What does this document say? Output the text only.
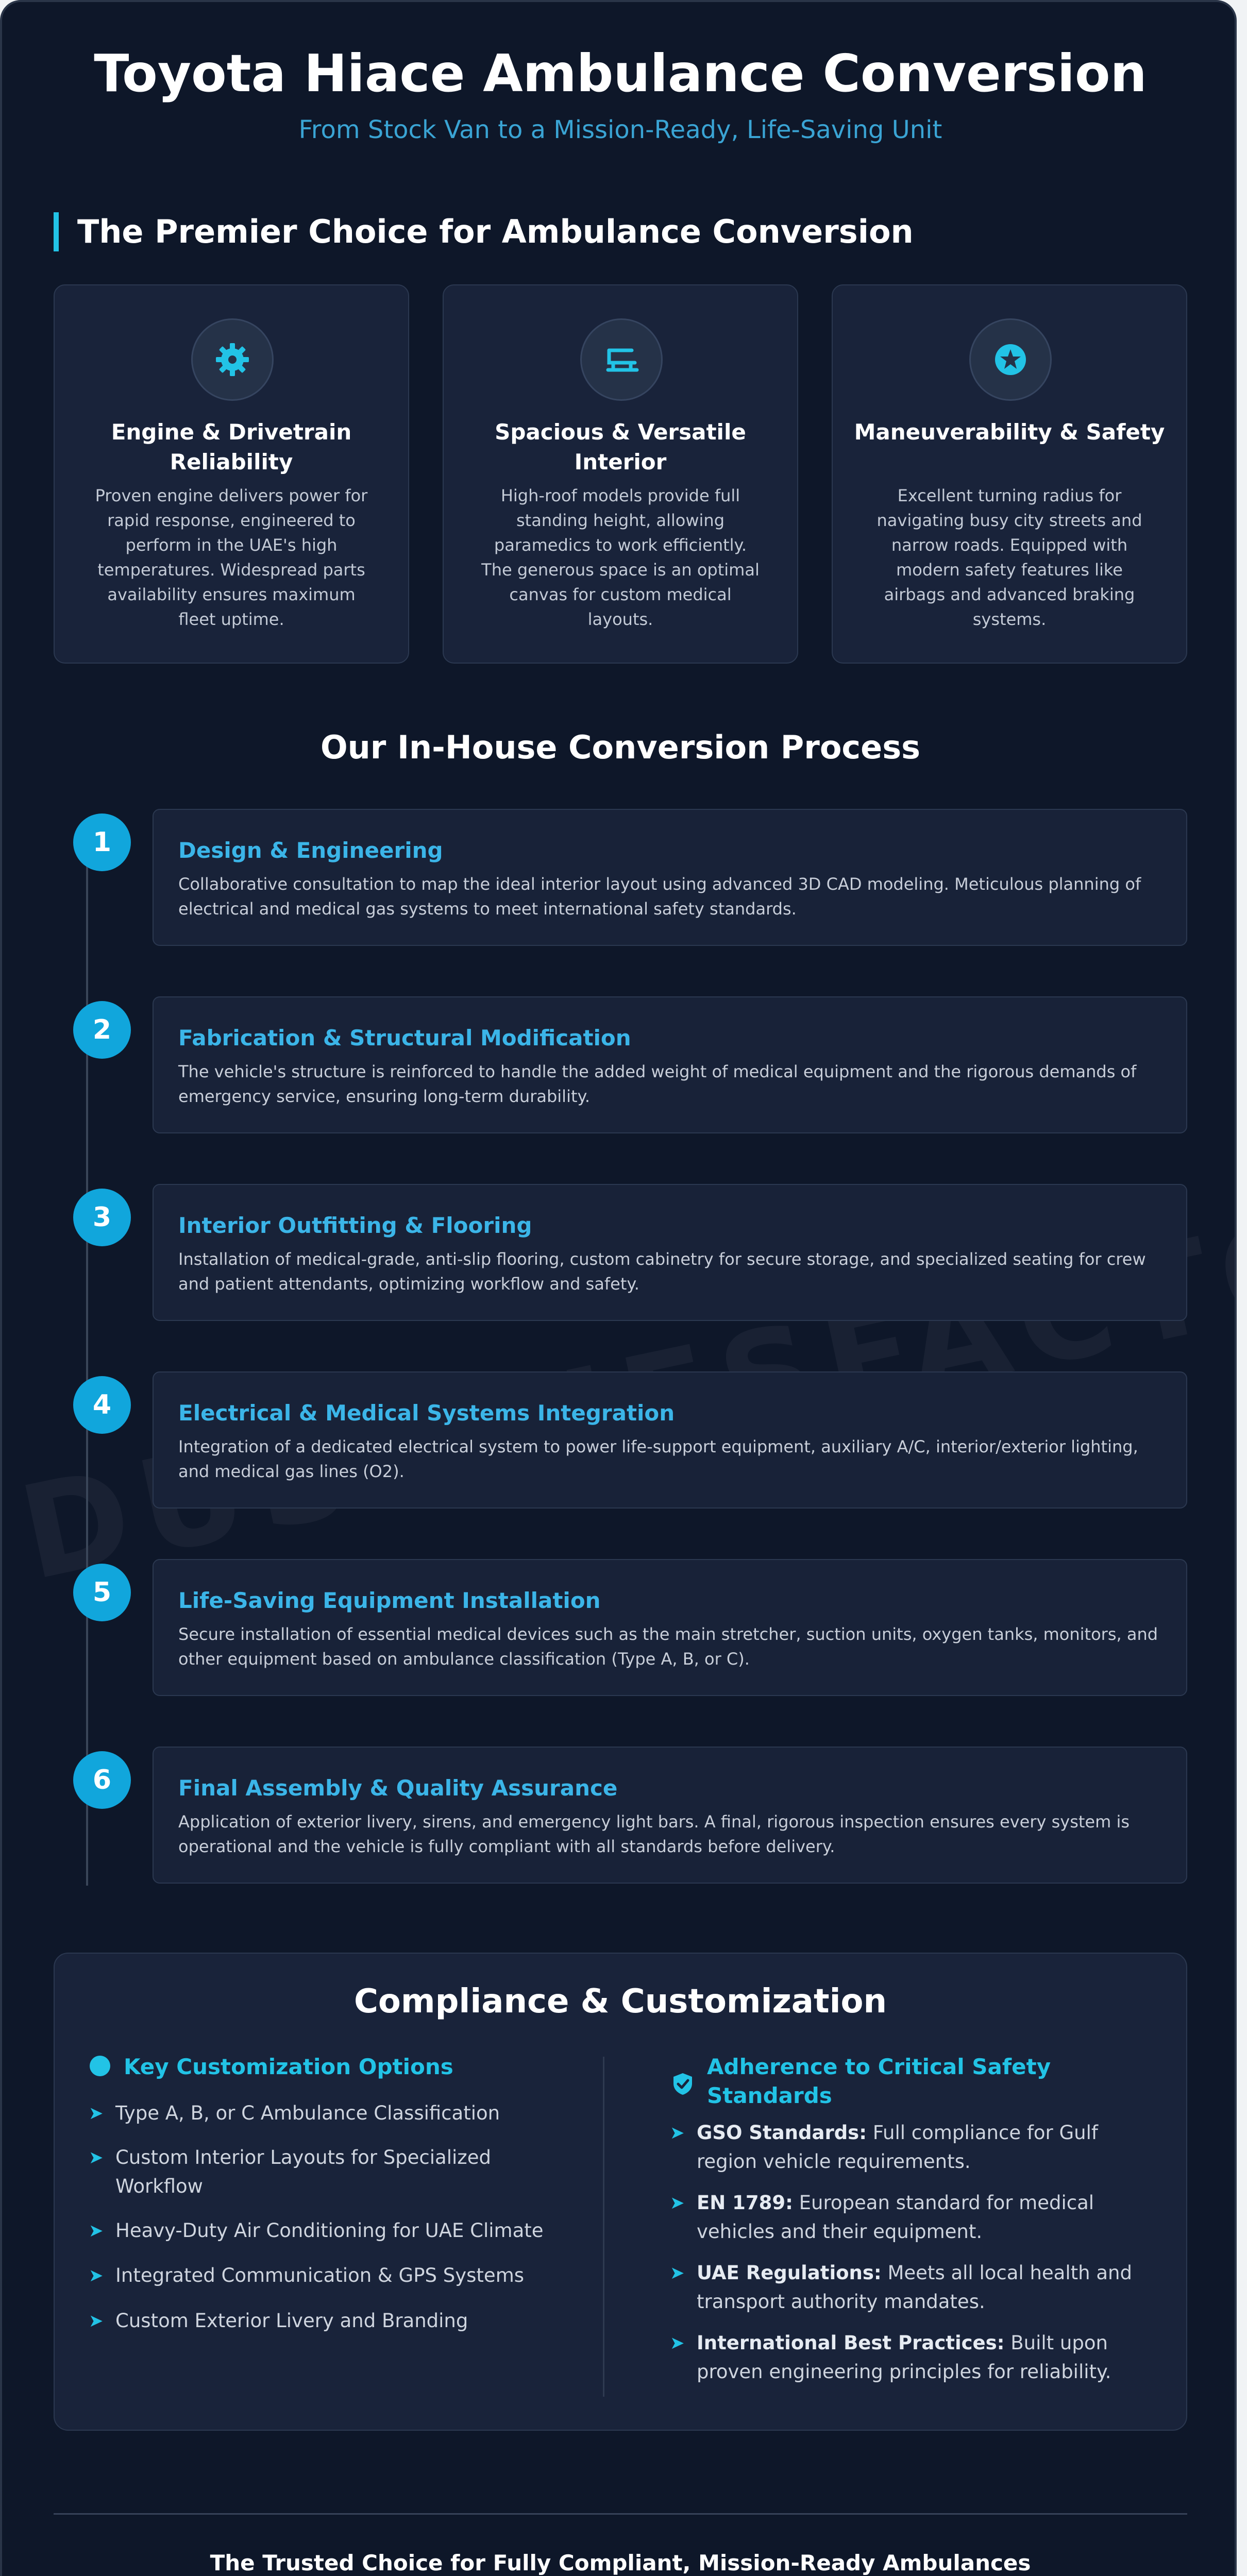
Toyota Hiace Ambulance Conversion
From Stock Van to a Mission-Ready, Life-Saving Unit
The Premier Choice for Ambulance Conversion
Engine & Drivetrain Reliability

Proven engine delivers power for rapid response, engineered to perform in the UAE's high temperatures. Widespread parts availability ensures maximum fleet uptime.

Spacious & Versatile Interior

High-roof models provide full standing height, allowing paramedics to work efficiently. The generous space is an optimal canvas for custom medical layouts.

Maneuverability & Safety

Excellent turning radius for navigating busy city streets and narrow roads. Equipped with modern safety features like airbags and advanced braking systems.

Our In-House Conversion Process
1	Design & Engineering

Collaborative consultation to map the ideal interior layout using advanced 3D CAD modeling. Meticulous planning of electrical and medical gas systems to meet international safety standards.

2	Fabrication & Structural Modification

The vehicle's structure is reinforced to handle the added weight of medical equipment and the rigorous demands of emergency service, ensuring long-term durability.

3	Interior Outfitting & Flooring

Installation of medical-grade, anti-slip flooring, custom cabinetry for secure storage, and specialized seating for crew and patient attendants, optimizing workflow and safety.

4	Electrical & Medical Systems Integration

Integration of a dedicated electrical system to power life-support equipment, auxiliary A/C, interior/exterior lighting, and medical gas lines (O2).

5	Life-Saving Equipment Installation

Secure installation of essential medical devices such as the main stretcher, suction units, oxygen tanks, monitors, and other equipment based on ambulance classification (Type A, B, or C).

6	Final Assembly & Quality Assurance

Application of exterior livery, sirens, and emergency light bars. A final, rigorous inspection ensures every system is operational and the vehicle is fully compliant with all standards before delivery.

Compliance & Customization
Key Customization Options
➤ Type A, B, or C Ambulance Classification
➤ Custom Interior Layouts for Specialized Workflow
➤ Heavy-Duty Air Conditioning for UAE Climate
➤ Integrated Communication & GPS Systems
➤ Custom Exterior Livery and Branding
Adherence to Critical Safety Standards
➤ GSO Standards: Full compliance for Gulf region vehicle requirements.
➤ EN 1789: European standard for medical vehicles and their equipment.
➤ UAE Regulations: Meets all local health and transport authority mandates.
➤ International Best Practices: Built upon proven engineering principles for reliability.
The Trusted Choice for Fully Compliant, Mission-Ready Ambulances
